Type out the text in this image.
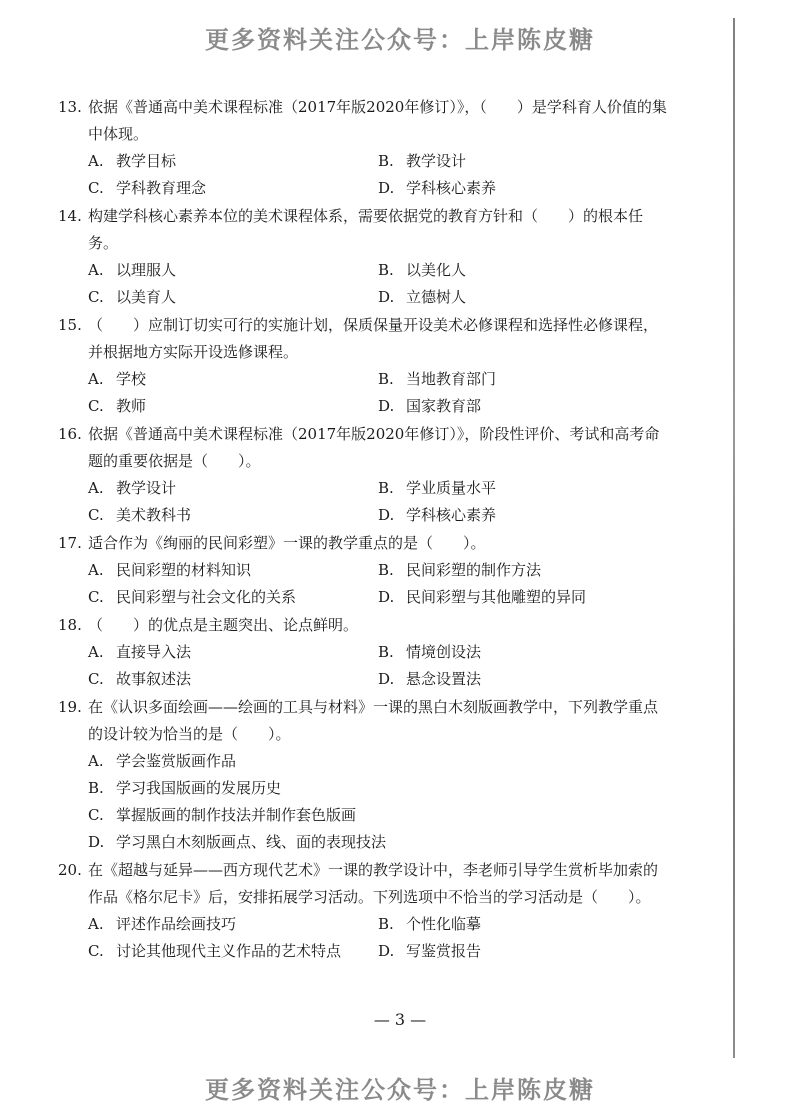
更多资料关注公众号：上岸陈皮糖
13. 依据《普通高中美术课程标准（2017年版2020年修订）》，（　　）是学科育人价值的集中体现。
A. 教学目标	B. 教学设计
C. 学科教育理念	D. 学科核心素养
14. 构建学科核心素养本位的美术课程体系，需要依据党的教育方针和（　　）的根本任务。
A. 以理服人	B. 以美化人
C. 以美育人	D. 立德树人
15. （　　）应制订切实可行的实施计划，保质保量开设美术必修课程和选择性必修课程，并根据地方实际开设选修课程。
A. 学校	B. 当地教育部门
C. 教师	D. 国家教育部
16. 依据《普通高中美术课程标准（2017年版2020年修订）》，阶段性评价、考试和高考命题的重要依据是（　　）。
A. 教学设计	B. 学业质量水平
C. 美术教科书	D. 学科核心素养
17. 适合作为《绚丽的民间彩塑》一课的教学重点的是（　　）。
A. 民间彩塑的材料知识	B. 民间彩塑的制作方法
C. 民间彩塑与社会文化的关系	D. 民间彩塑与其他雕塑的异同
18. （　　）的优点是主题突出、论点鲜明。
A. 直接导入法	B. 情境创设法
C. 故事叙述法	D. 悬念设置法
19. 在《认识多面绘画——绘画的工具与材料》一课的黑白木刻版画教学中，下列教学重点的设计较为恰当的是（　　）。
A. 学会鉴赏版画作品
B. 学习我国版画的发展历史
C. 掌握版画的制作技法并制作套色版画
D. 学习黑白木刻版画点、线、面的表现技法
20. 在《超越与延异——西方现代艺术》一课的教学设计中，李老师引导学生赏析毕加索的作品《格尔尼卡》后，安排拓展学习活动。下列选项中不恰当的学习活动是（　　）。
A. 评述作品绘画技巧	B. 个性化临摹
C. 讨论其他现代主义作品的艺术特点	D. 写鉴赏报告
— 3 —
更多资料关注公众号：上岸陈皮糖
